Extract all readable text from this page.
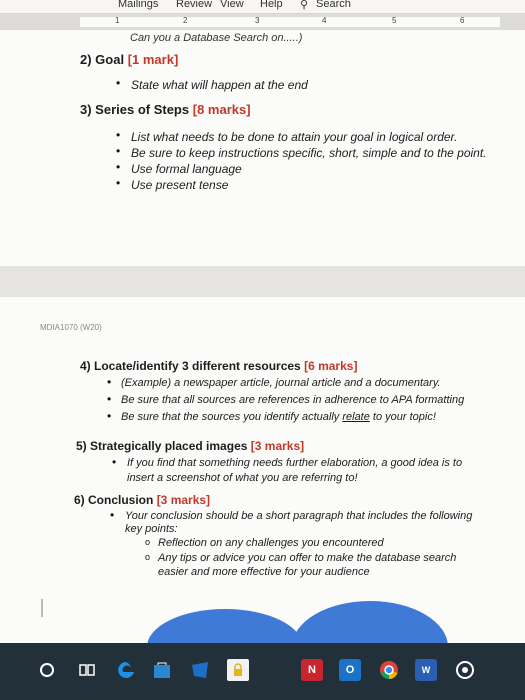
Mailings Review View Help ⚲ Search
1	2	3	4	5	6
Can you a Database Search on.....)
2) Goal [1 mark]
• State what will happen at the end
3) Series of Steps [8 marks]
• List what needs to be done to attain your goal in logical order.
• Be sure to keep instructions specific, short, simple and to the point.
• Use formal language
• Use present tense
MDIA1070 (W20)
4) Locate/identify 3 different resources [6 marks]
• (Example) a newspaper article, journal article and a documentary.
• Be sure that all sources are references in adherence to APA formatting
• Be sure that the sources you identify actually relate to your topic!
5) Strategically placed images [3 marks]
• If you find that something needs further elaboration, a good idea is to
insert a screenshot of what you are referring to!
6) Conclusion [3 marks]
• Your conclusion should be a short paragraph that includes the following
key points:
o Reflection on any challenges you encountered
o Any tips or advice you can offer to make the database search
easier and more effective for your audience
N	O	W
